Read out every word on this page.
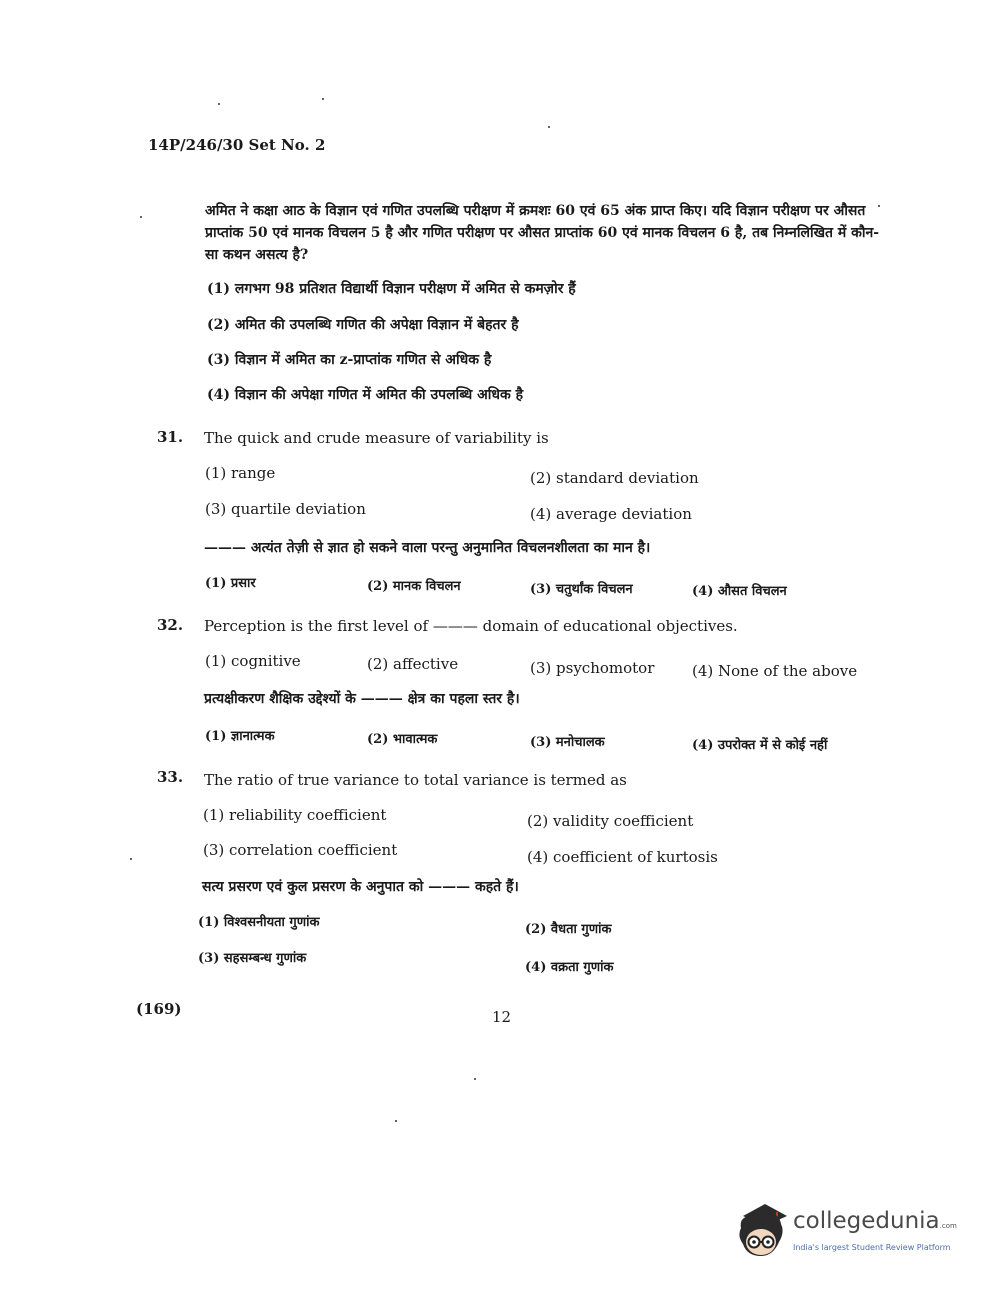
14P/246/30 Set No. 2
अमित ने कक्षा आठ के विज्ञान एवं गणित उपलब्धि परीक्षण में क्रमशः 60 एवं 65 अंक प्राप्त किए। यदि विज्ञान परीक्षण पर औसत प्राप्तांक 50 एवं मानक विचलन 5 है और गणित परीक्षण पर औसत प्राप्तांक 60 एवं मानक विचलन 6 है, तब निम्नलिखित में कौन-सा कथन असत्य है?
(1) लगभग 98 प्रतिशत विद्यार्थी विज्ञान परीक्षण में अमित से कमज़ोर हैं
(2) अमित की उपलब्धि गणित की अपेक्षा विज्ञान में बेहतर है
(3) विज्ञान में अमित का z-प्राप्तांक गणित से अधिक है
(4) विज्ञान की अपेक्षा गणित में अमित की उपलब्धि अधिक है
31. The quick and crude measure of variability is
(1) range	(2) standard deviation
(3) quartile deviation	(4) average deviation
——— अत्यंत तेज़ी से ज्ञात हो सकने वाला परन्तु अनुमानित विचलनशीलता का मान है।
(1) प्रसार	(2) मानक विचलन	(3) चतुर्थांक विचलन	(4) औसत विचलन
32. Perception is the first level of ——— domain of educational objectives.
(1) cognitive	(2) affective	(3) psychomotor	(4) None of the above
प्रत्यक्षीकरण शैक्षिक उद्देश्यों के ——— क्षेत्र का पहला स्तर है।
(1) ज्ञानात्मक	(2) भावात्मक	(3) मनोचालक	(4) उपरोक्त में से कोई नहीं
33. The ratio of true variance to total variance is termed as
(1) reliability coefficient	(2) validity coefficient
(3) correlation coefficient	(4) coefficient of kurtosis
सत्य प्रसरण एवं कुल प्रसरण के अनुपात को ——— कहते हैं।
(1) विश्वसनीयता गुणांक	(2) वैधता गुणांक
(3) सहसम्बन्ध गुणांक
(4) वक्रता गुणांक
(169)	12
collegedunia.com
India's largest Student Review Platform
